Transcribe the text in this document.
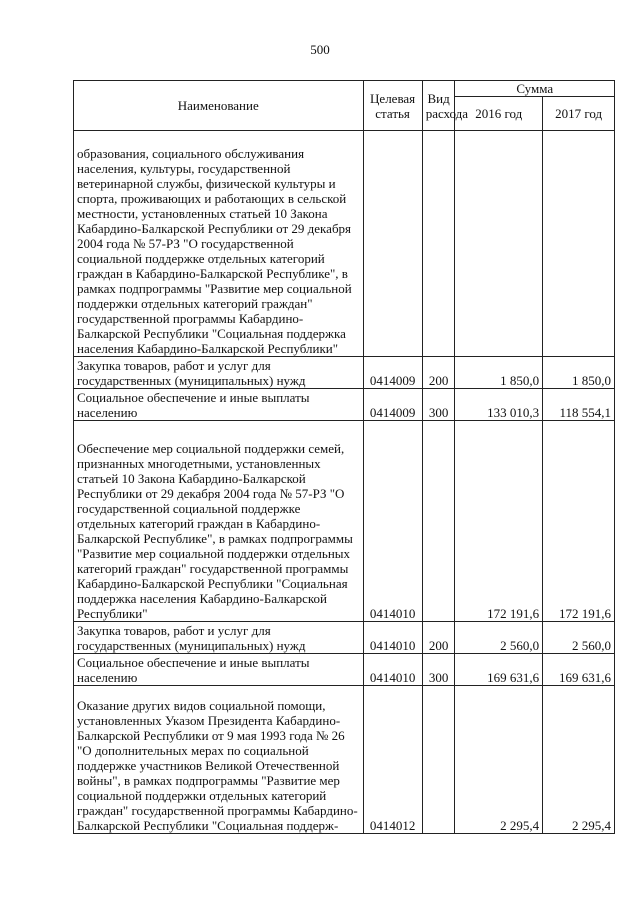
500
Наименование	Целевая статья	Вид расхода	Сумма	
			2016 год	2017 год
образования, социального обслуживания населения, культуры, государственной ветеринарной службы, физической культуры и спорта, проживающих и работающих в сельской местности, установленных статьей 10 Закона Кабардино-Балкарской Республики от 29 декабря 2004 года № 57-РЗ "О государственной социальной поддержке отдельных категорий граждан в Кабардино-Балкарской Республике", в рамках подпрограммы "Развитие мер социальной поддержки отдельных категорий граждан" государственной программы Кабардино-Балкарской Республики "Социальная поддержка населения Кабардино-Балкарской Республики"				
Закупка товаров, работ и услуг для государственных (муниципальных) нужд	0414009	200	1 850,0	1 850,0
Социальное обеспечение и иные выплаты населению	0414009	300	133 010,3	118 554,1
Обеспечение мер социальной поддержки семей, признанных многодетными, установленных статьей 10 Закона Кабардино-Балкарской Республики от 29 декабря 2004 года № 57-РЗ "О государственной социальной поддержке отдельных категорий граждан в Кабардино-Балкарской Республике", в рамках подпрограммы "Развитие мер социальной поддержки отдельных категорий граждан" государственной программы Кабардино-Балкарской Республики "Социальная поддержка населения Кабардино-Балкарской Республики"	0414010		172 191,6	172 191,6
Закупка товаров, работ и услуг для государственных (муниципальных) нужд	0414010	200	2 560,0	2 560,0
Социальное обеспечение и иные выплаты населению	0414010	300	169 631,6	169 631,6
Оказание других видов социальной помощи, установленных Указом Президента Кабардино-Балкарской Республики от 9 мая 1993 года № 26 "О дополнительных мерах по социальной поддержке участников Великой Отечественной войны", в рамках подпрограммы "Развитие мер социальной поддержки отдельных категорий граждан" государственной программы Кабардино-Балкарской Республики "Социальная поддерж-	0414012		2 295,4	2 295,4
